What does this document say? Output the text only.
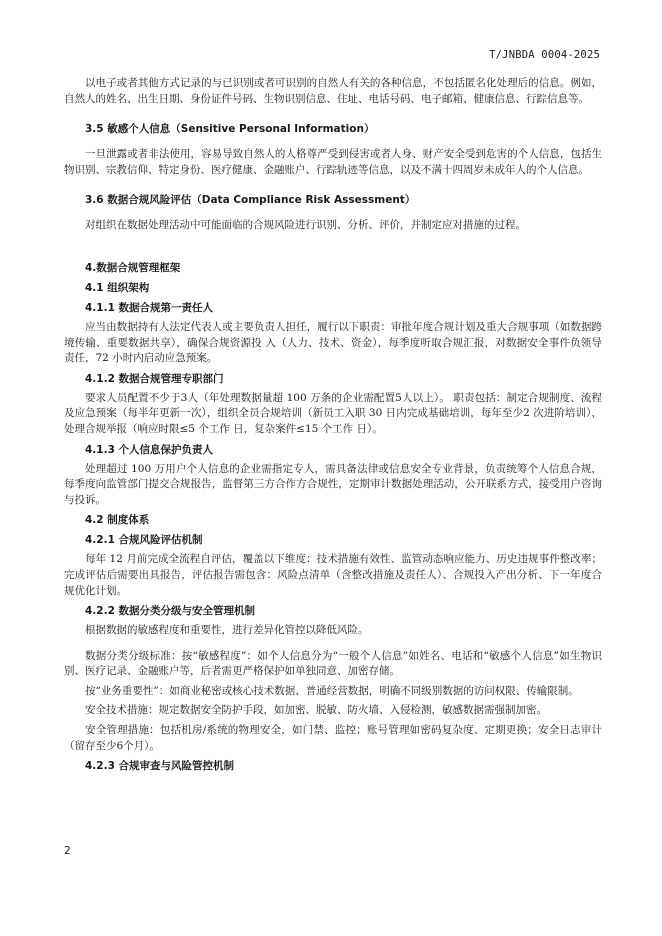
T/JNBDA 0004-2025

以电子或者其他方式记录的与已识别或者可识别的自然人有关的各种信息，不包括匿名化处理后的信息。例如，自然人的姓名、出生日期、身份证件号码、生物识别信息、住址、电话号码、电子邮箱、健康信息、行踪信息等。

3.5 敏感个人信息（Sensitive Personal Information）

一旦泄露或者非法使用，容易导致自然人的人格尊严受到侵害或者人身、财产安全受到危害的个人信息，包括生物识别、宗教信仰、特定身份、医疗健康、金融账户、行踪轨迹等信息，以及不满十四周岁未成年人的个人信息。

3.6 数据合规风险评估（Data Compliance Risk Assessment）

对组织在数据处理活动中可能面临的合规风险进行识别、分析、评价，并制定应对措施的过程。

4.数据合规管理框架

4.1 组织架构

4.1.1 数据合规第一责任人

应当由数据持有人法定代表人或主要负责人担任，履行以下职责：审批年度合规计划及重大合规事项（如数据跨境传输、重要数据共享），确保合规资源投 入（人力、技术、资金），每季度听取合规汇报，对数据安全事件负领导责任，72 小时内启动应急预案。

4.1.2 数据合规管理专职部门

要求人员配置不少于3人（年处理数据量超 100 万条的企业需配置5人以上）。 职责包括：制定合规制度、流程及应急预案（每半年更新一次），组织全员合规培训（新员工入职 30 日内完成基础培训，每年至少2 次进阶培训），处理合规举报（响应时限≤5 个工作 日，复杂案件≤15 个工作 日）。

4.1.3 个人信息保护负责人

处理超过 100 万用户个人信息的企业需指定专人，需具备法律或信息安全专业背景，负责统筹个人信息合规，每季度向监管部门提交合规报告，监督第三方合作方合规性，定期审计数据处理活动，公开联系方式，接受用户咨询与投诉。

4.2 制度体系

4.2.1 合规风险评估机制

每年 12 月前完成全流程自评估，覆盖以下维度：技术措施有效性、监管动态响应能力、历史违规事件整改率；完成评估后需要出具报告，评估报告需包含：风险点清单（含整改措施及责任人）、合规投入产出分析、下一年度合规优化计划。

4.2.2 数据分类分级与安全管理机制

根据数据的敏感程度和重要性，进行差异化管控以降低风险。

数据分类分级标准：按“敏感程度”：如个人信息分为“一般个人信息”如姓名、电话和“敏感个人信息”如生物识别、医疗记录、金融账户等，后者需更严格保护如单独同意、加密存储。

按“业务重要性”：如商业秘密或核心技术数据、普通经营数据，明确不同级别数据的访问权限、传输限制。

安全技术措施：规定数据安全防护手段，如加密、脱敏、防火墙、入侵检测，敏感数据需强制加密。

安全管理措施：包括机房/系统的物理安全，如门禁、监控；账号管理如密码复杂度、定期更换；安全日志审计（留存至少6个月）。

4.2.3 合规审查与风险管控机制

2
